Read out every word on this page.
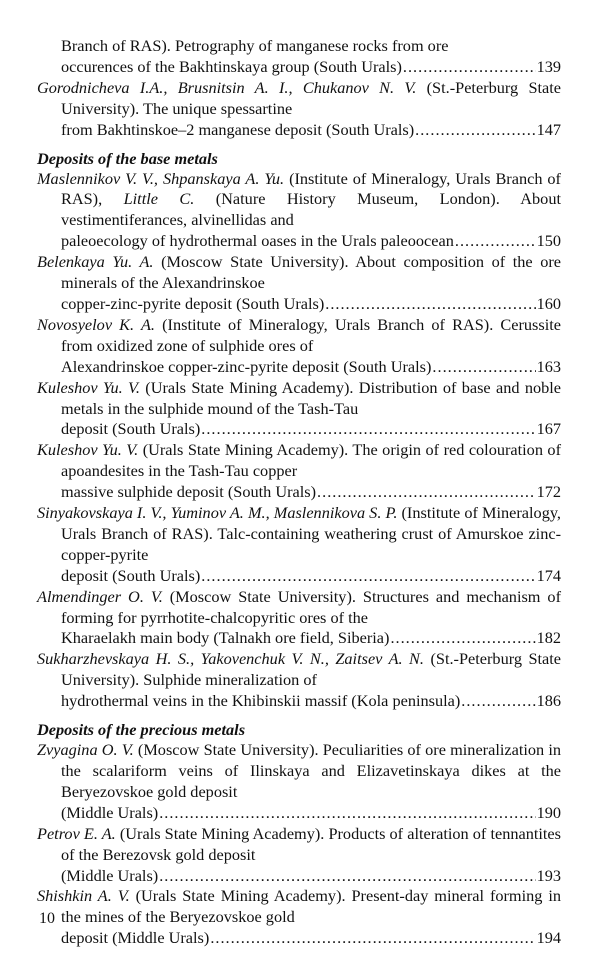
Branch of RAS). Petrography of manganese rocks from ore
occurences of the Bakhtinskaya group (South Urals) .....	139
Gorodnicheva I.A., Brusnitsin A. I., Chukanov N. V. (St.-Peterburg State University). The unique spessartine
from Bakhtinskoe–2 manganese deposit (South Urals) .....	147
Deposits of the base metals
Maslennikov V. V., Shpanskaya A. Yu. (Institute of Mineralogy, Urals Branch of RAS), Little C. (Nature History Museum, London). About vestimentiferances, alvinellidas and
paleoecology of hydrothermal oases in the Urals paleoocean .....	150
Belenkaya Yu. A. (Moscow State University). About composition of the ore minerals of the Alexandrinskoe
copper-zinc-pyrite deposit (South Urals) .....	160
Novosyelov K. A. (Institute of Mineralogy, Urals Branch of RAS). Cerussite from oxidized zone of sulphide ores of
Alexandrinskoe copper-zinc-pyrite deposit (South Urals) .....	163
Kuleshov Yu. V. (Urals State Mining Academy). Distribution of base and noble metals in the sulphide mound of the Tash-Tau
deposit (South Urals) .....	167
Kuleshov Yu. V. (Urals State Mining Academy). The origin of red colouration of apoandesites in the Tash-Tau copper
massive sulphide deposit (South Urals) .....	172
Sinyakovskaya I. V., Yuminov A. M., Maslennikova S. P. (Institute of Mineralogy, Urals Branch of RAS). Talc-containing weathering crust of Amurskoe zinc-copper-pyrite
deposit (South Urals) .....	174
Almendinger O. V. (Moscow State University). Structures and mechanism of forming for pyrrhotite-chalcopyritic ores of the
Kharaelakh main body (Talnakh ore field, Siberia) .....	182
Sukharzhevskaya H. S., Yakovenchuk V. N., Zaitsev A. N. (St.-Peterburg State University). Sulphide mineralization of
hydrothermal veins in the Khibinskii massif (Kola peninsula) .....	186
Deposits of the precious metals
Zvyagina O. V. (Moscow State University). Peculiarities of ore mineralization in the scalariform veins of Ilinskaya and Elizavetinskaya dikes at the Beryezovskoe gold deposit
(Middle Urals) .....	190
Petrov E. A. (Urals State Mining Academy). Products of alteration of tennantites of the Berezovsk gold deposit
(Middle Urals) .....	193
Shishkin A. V. (Urals State Mining Academy). Present-day mineral forming in the mines of the Beryezovskoe gold
deposit (Middle Urals) .....	194
10
